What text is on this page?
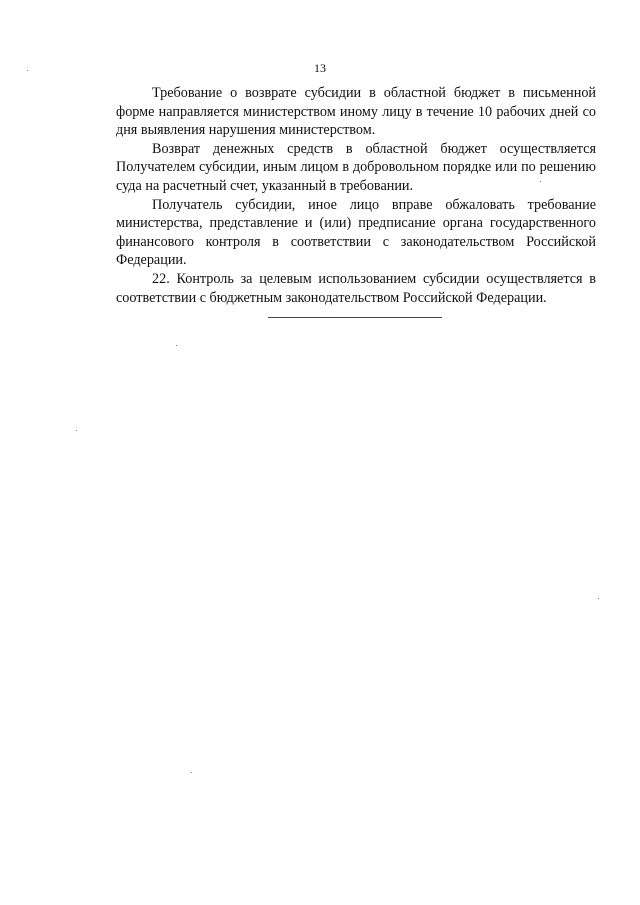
13

Требование о возврате субсидии в областной бюджет в письменной форме направляется министерством иному лицу в течение 10 рабочих дней со дня выявления нарушения министерством.

Возврат денежных средств в областной бюджет осуществляется Получателем субсидии, иным лицом в добровольном порядке или по решению суда на расчетный счет, указанный в требовании.

Получатель субсидии, иное лицо вправе обжаловать требование министерства, представление и (или) предписание органа государственного финансового контроля в соответствии с законодательством Российской Федерации.

22. Контроль за целевым использованием субсидии осуществляется в соответствии с бюджетным законодательством Российской Федерации.
